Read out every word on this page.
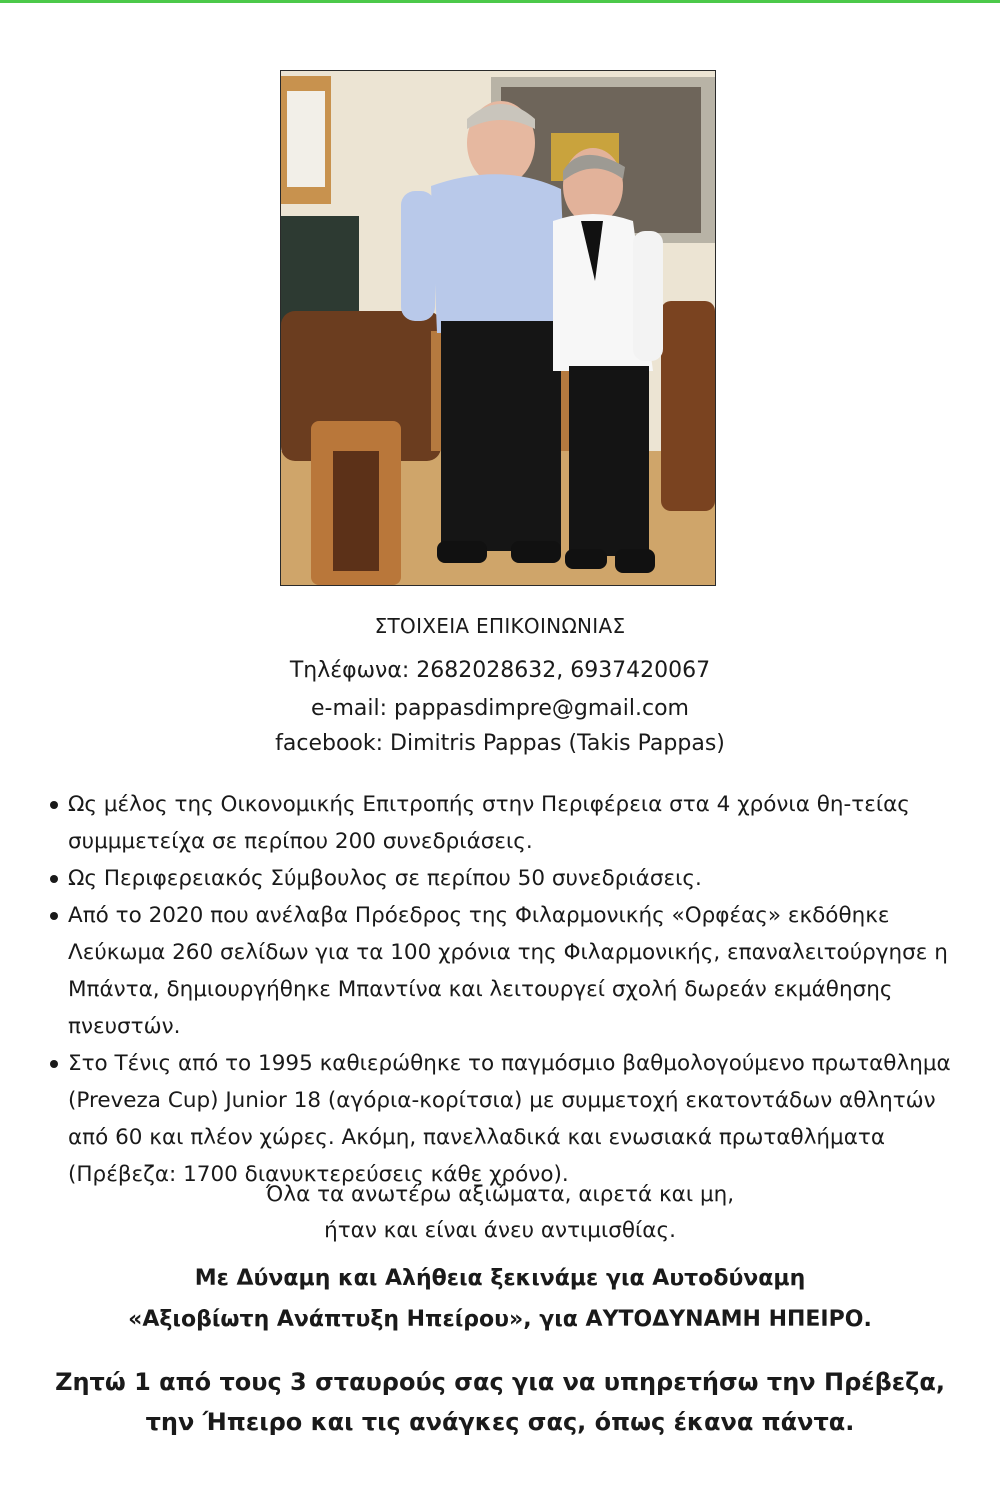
ΣΤΟΙΧΕΙΑ ΕΠΙΚΟΙΝΩΝΙΑΣ
Τηλέφωνα: 2682028632, 6937420067
e-mail: pappasdimpre@gmail.com
facebook: Dimitris Pappas (Takis Pappas)
Ως μέλος της Οικονομικής Επιτροπής στην Περιφέρεια στα 4 χρόνια θη-τείας συμμμετείχα σε περίπου 200 συνεδριάσεις.
Ως Περιφερειακός Σύμβουλος σε περίπου 50 συνεδριάσεις.
Από το 2020 που ανέλαβα Πρόεδρος της Φιλαρμονικής «Ορφέας» εκδόθηκε Λεύκωμα 260 σελίδων για τα 100 χρόνια της Φιλαρμονικής, επαναλειτούργησε η Μπάντα, δημιουργήθηκε Μπαντίνα και λειτουργεί σχολή δωρεάν εκμάθησης πνευστών.
Στο Τένις από το 1995 καθιερώθηκε το παγμόσμιο βαθμολογούμενο πρωταθλημα (Preveza Cup) Junior 18 (αγόρια-κορίτσια) με συμμετοχή εκατοντάδων αθλητών από 60 και πλέον χώρες. Ακόμη, πανελλαδικά και ενωσιακά πρωταθλήματα (Πρέβεζα: 1700 διανυκτερεύσεις κάθε χρόνο).
Όλα τα ανωτέρω αξιώματα, αιρετά και μη,
ήταν και είναι άνευ αντιμισθίας.
Με Δύναμη και Αλήθεια ξεκινάμε για Αυτοδύναμη
«Αξιοβίωτη Ανάπτυξη Ηπείρου», για ΑΥΤΟΔΥΝΑΜΗ ΗΠΕΙΡΟ.
Ζητώ 1 από τους 3 σταυρούς σας για να υπηρετήσω την Πρέβεζα,
την Ήπειρο και τις ανάγκες σας, όπως έκανα πάντα.
